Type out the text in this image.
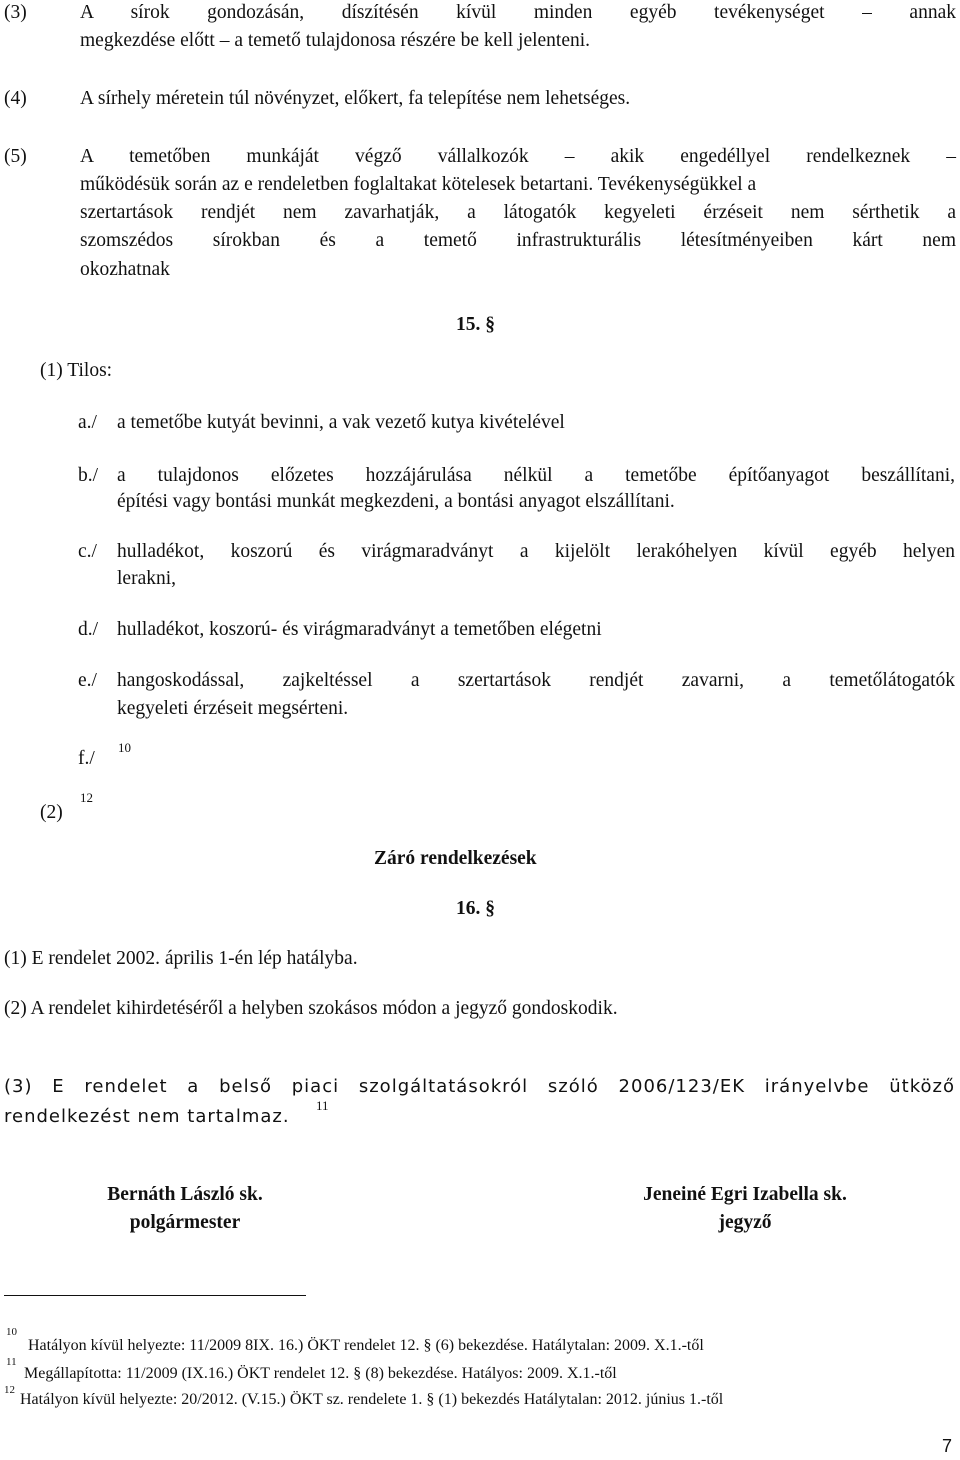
(3)	A sírok gondozásán, díszítésén kívül minden egyéb tevékenységet – annak
megkezdése előtt – a temető tulajdonosa részére be kell jelenteni.
(4)	A sírhely méretein túl növényzet, előkert, fa telepítése nem lehetséges.
(5)	A temetőben munkáját végző vállalkozók – akik engedéllyel rendelkeznek –
működésük során az e rendeletben foglaltakat kötelesek betartani. Tevékenységükkel a
szertartások rendjét nem zavarhatják, a látogatók kegyeleti érzéseit nem sérthetik a
szomszédos sírokban és a temető infrastrukturális létesítményeiben kárt nem
okozhatnak
15. §
(1) Tilos:
a./ a temetőbe kutyát bevinni, a vak vezető kutya kivételével
b./ a tulajdonos előzetes hozzájárulása nélkül a temetőbe építőanyagot beszállítani,
építési vagy bontási munkát megkezdeni, a bontási anyagot elszállítani.
c./ hulladékot, koszorú és virágmaradványt a kijelölt lerakóhelyen kívül egyéb helyen
lerakni,
d./ hulladékot, koszorú- és virágmaradványt a temetőben elégetni
e./ hangoskodással, zajkeltéssel a szertartások rendjét zavarni, a temetőlátogatók
kegyeleti érzéseit megsérteni.
f./
10
(2)
12
Záró rendelkezések
16. §
(1) E rendelet 2002. április 1-én lép hatályba.
(2) A rendelet kihirdetéséről a helyben szokásos módon a jegyző gondoskodik.
(3) E rendelet a belső piaci szolgáltatásokról szóló 2006/123/EK irányelvbe ütköző
rendelkezést nem tartalmaz.
11
Bernáth László sk.
polgármester
Jeneiné Egri Izabella sk.
jegyző
10
Hatályon kívül helyezte: 11/2009 8IX. 16.) ÖKT rendelet 12. § (6) bekezdése. Hatálytalan: 2009. X.1.-től
11
Megállapította: 11/2009 (IX.16.) ÖKT rendelet 12. § (8) bekezdése. Hatályos: 2009. X.1.-től
12
Hatályon kívül helyezte: 20/2012. (V.15.) ÖKT sz. rendelete 1. § (1) bekezdés Hatálytalan: 2012. június 1.-től
7
